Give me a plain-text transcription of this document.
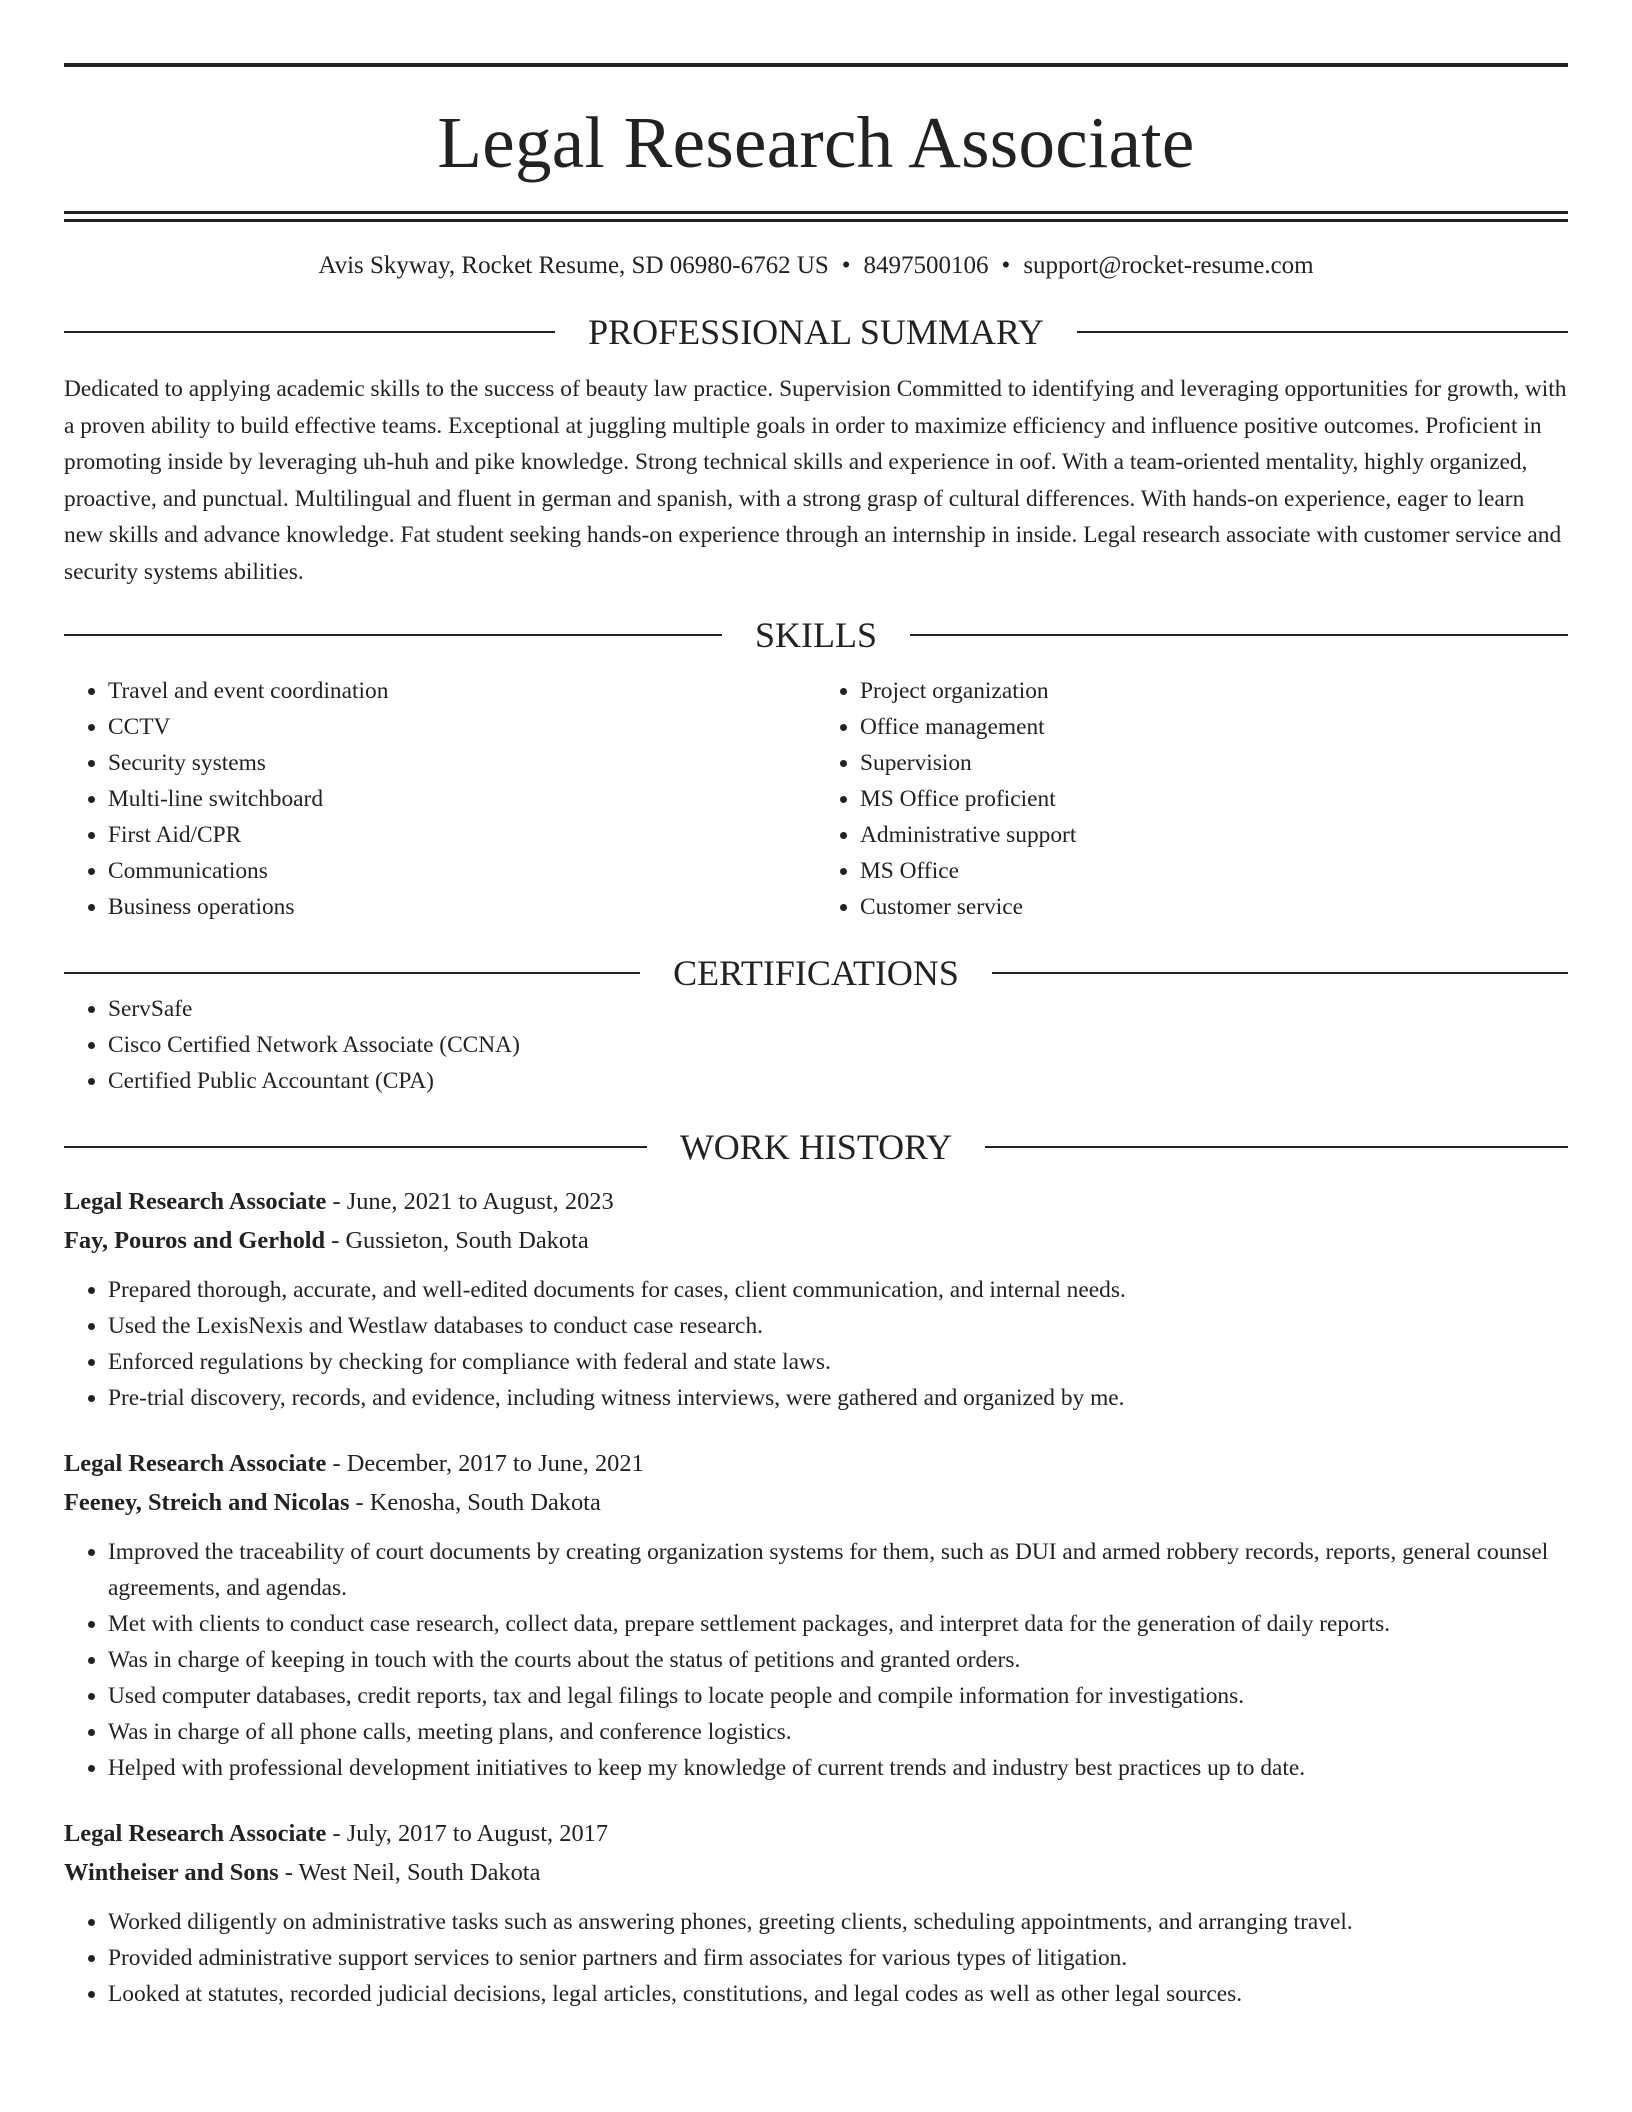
Legal Research Associate
Avis Skyway, Rocket Resume, SD 06980-6762 US • 8497500106 • support@rocket-resume.com
PROFESSIONAL SUMMARY

Dedicated to applying academic skills to the success of beauty law practice. Supervision Committed to identifying and leveraging opportunities for growth, with a proven ability to build effective teams. Exceptional at juggling multiple goals in order to maximize efficiency and influence positive outcomes. Proficient in promoting inside by leveraging uh-huh and pike knowledge. Strong technical skills and experience in oof. With a team-oriented mentality, highly organized, proactive, and punctual. Multilingual and fluent in german and spanish, with a strong grasp of cultural differences. With hands-on experience, eager to learn new skills and advance knowledge. Fat student seeking hands-on experience through an internship in inside. Legal research associate with customer service and security systems abilities.

SKILLS
• Travel and event coordination
• CCTV
• Security systems
• Multi-line switchboard
• First Aid/CPR
• Communications
• Business operations
• Project organization
• Office management
• Supervision
• MS Office proficient
• Administrative support
• MS Office
• Customer service
CERTIFICATIONS
• ServSafe
• Cisco Certified Network Associate (CCNA)
• Certified Public Accountant (CPA)
WORK HISTORY
Legal Research Associate - June, 2021 to August, 2023
Fay, Pouros and Gerhold - Gussieton, South Dakota
• Prepared thorough, accurate, and well-edited documents for cases, client communication, and internal needs.
• Used the LexisNexis and Westlaw databases to conduct case research.
• Enforced regulations by checking for compliance with federal and state laws.
• Pre-trial discovery, records, and evidence, including witness interviews, were gathered and organized by me.
Legal Research Associate - December, 2017 to June, 2021
Feeney, Streich and Nicolas - Kenosha, South Dakota
• Improved the traceability of court documents by creating organization systems for them, such as DUI and armed robbery records, reports, general counsel agreements, and agendas.
• Met with clients to conduct case research, collect data, prepare settlement packages, and interpret data for the generation of daily reports.
• Was in charge of keeping in touch with the courts about the status of petitions and granted orders.
• Used computer databases, credit reports, tax and legal filings to locate people and compile information for investigations.
• Was in charge of all phone calls, meeting plans, and conference logistics.
• Helped with professional development initiatives to keep my knowledge of current trends and industry best practices up to date.
Legal Research Associate - July, 2017 to August, 2017
Wintheiser and Sons - West Neil, South Dakota
• Worked diligently on administrative tasks such as answering phones, greeting clients, scheduling appointments, and arranging travel.
• Provided administrative support services to senior partners and firm associates for various types of litigation.
• Looked at statutes, recorded judicial decisions, legal articles, constitutions, and legal codes as well as other legal sources.
